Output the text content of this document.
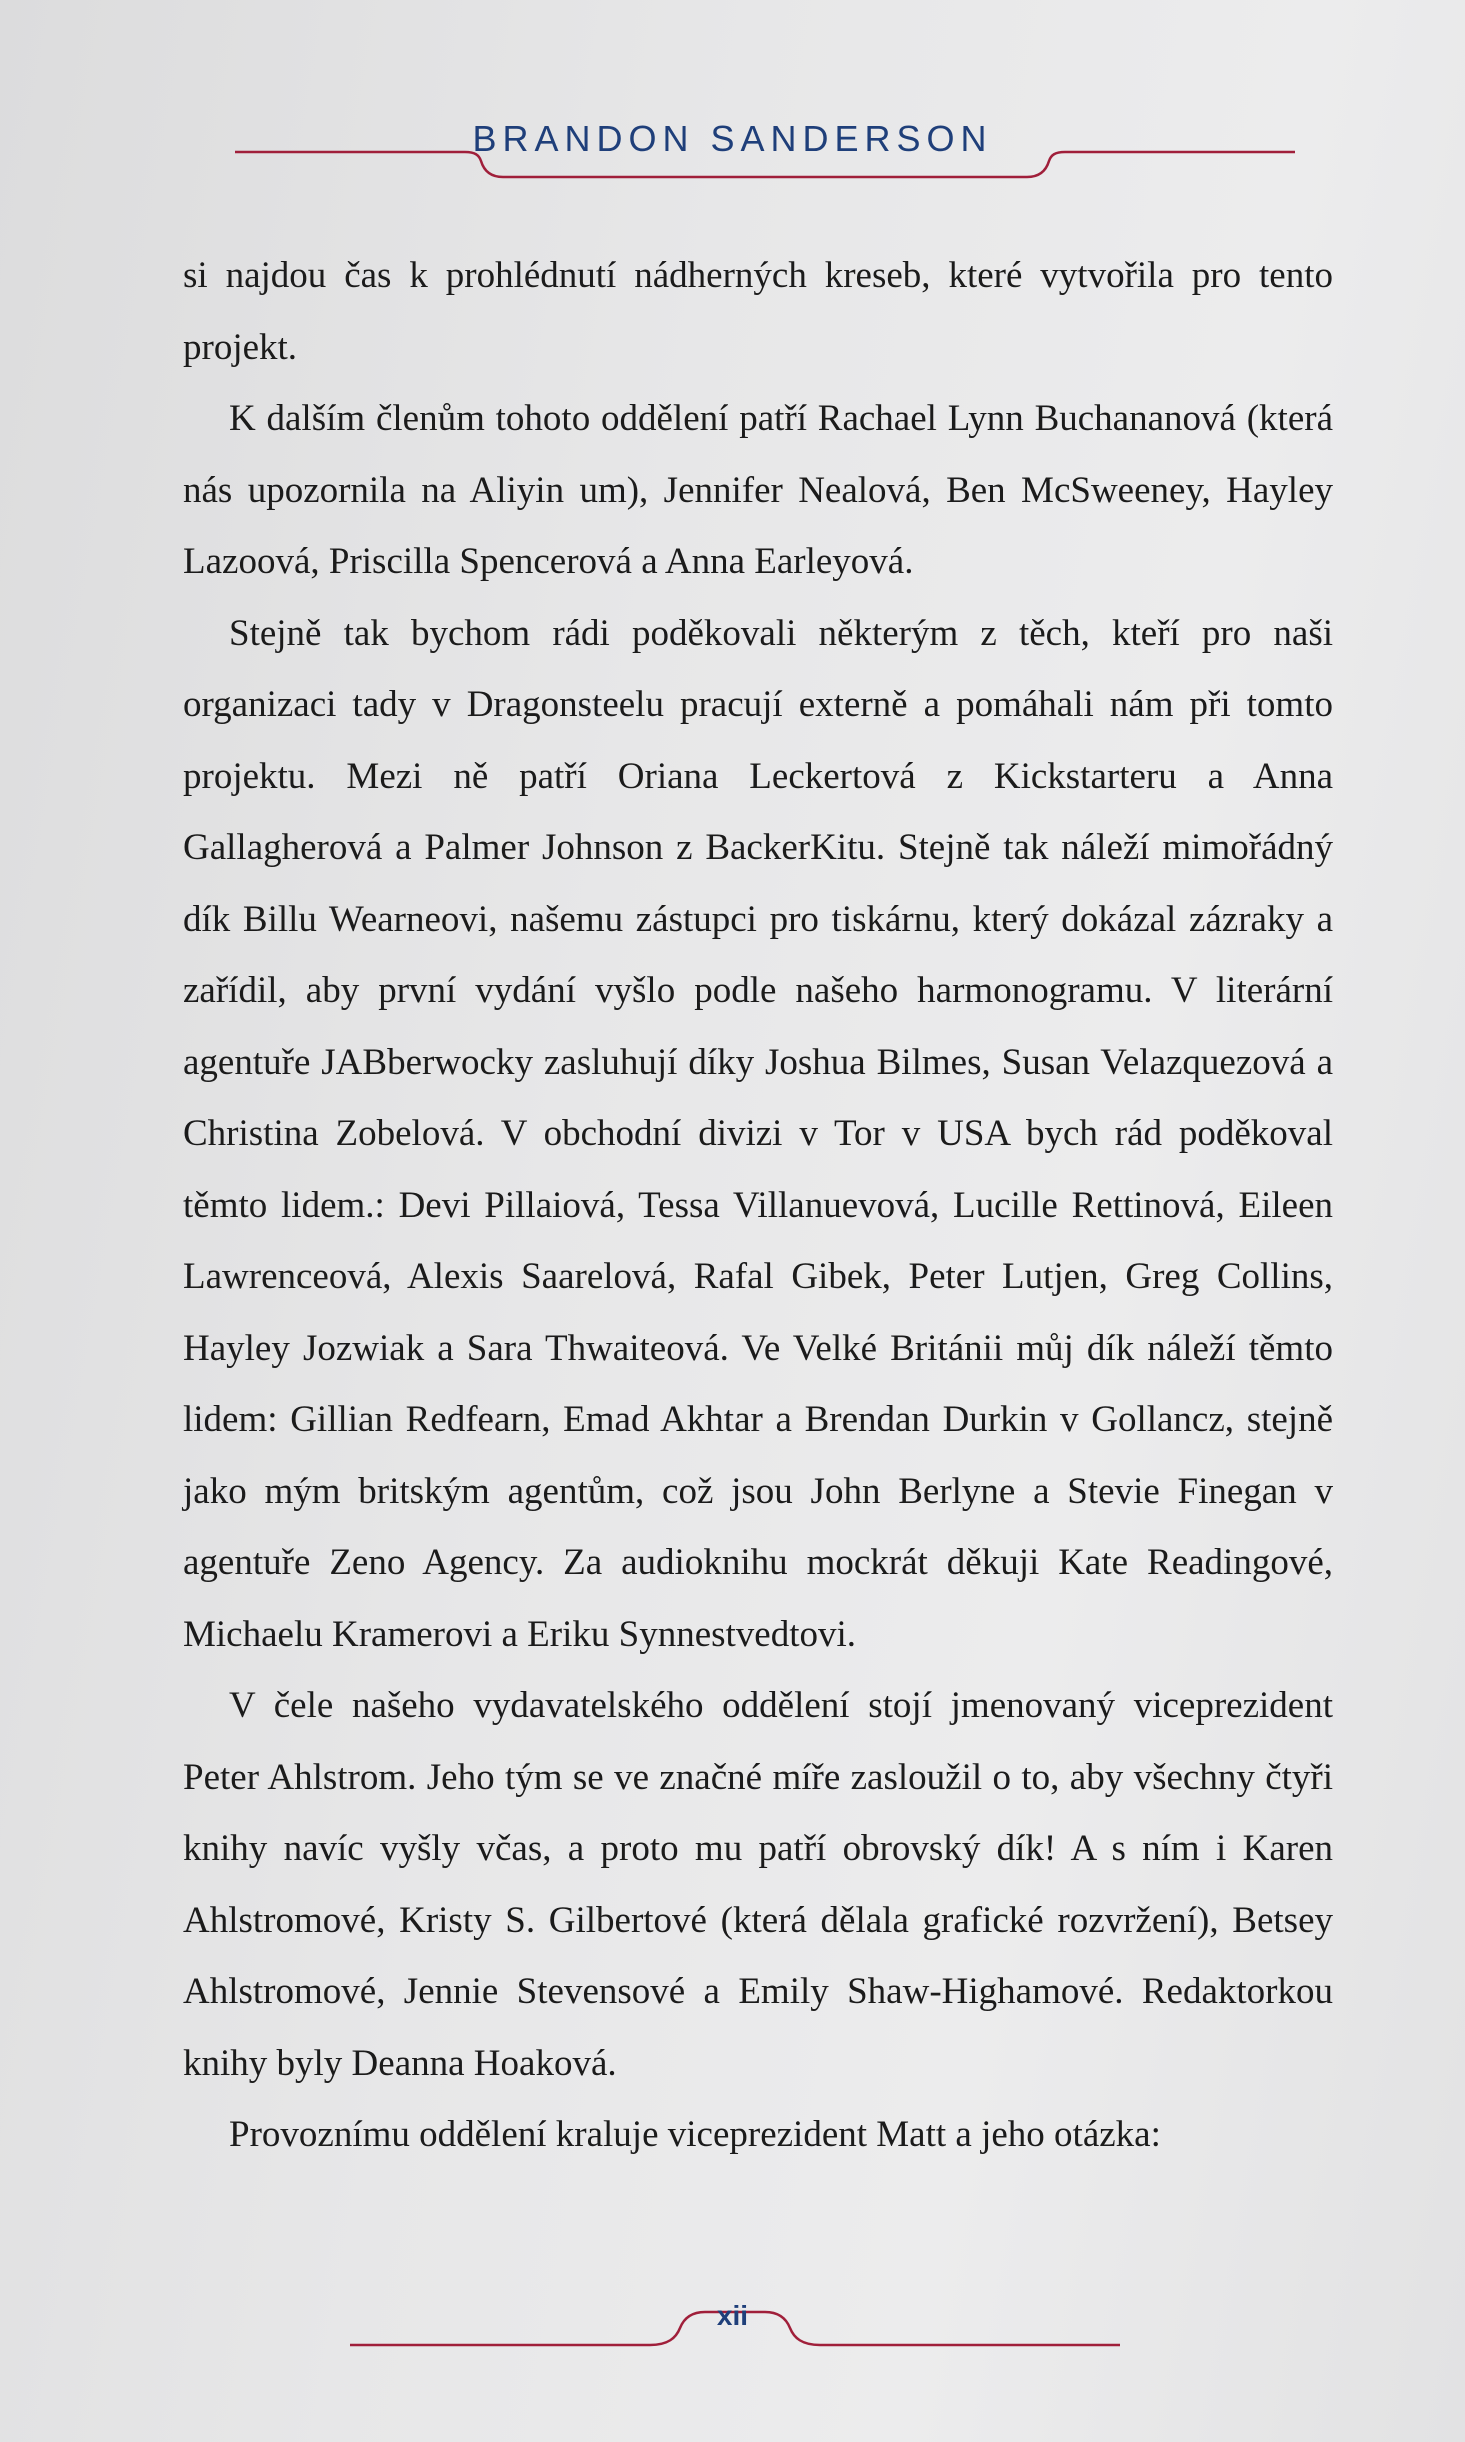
BRANDON SANDERSON

si najdou čas k prohlédnutí nádherných kreseb, které vytvořila pro tento projekt.

K dalším členům tohoto oddělení patří Rachael Lynn Buchananová (která nás upozornila na Aliyin um), Jennifer Nealová, Ben McSweeney, Hayley Lazoová, Priscilla Spencerová a Anna Earleyová.

Stejně tak bychom rádi poděkovali některým z těch, kteří pro naši organizaci tady v Dragonsteelu pracují externě a pomáhali nám při tomto projektu. Mezi ně patří Oriana Leckertová z Kickstarteru a Anna Gallagherová a Palmer Johnson z BackerKitu. Stejně tak náleží mimořádný dík Billu Wearneovi, našemu zástupci pro tiskárnu, který dokázal zázraky a zařídil, aby první vydání vyšlo podle našeho harmonogramu. V literární agentuře JABberwocky zasluhují díky Joshua Bilmes, Susan Velazquezová a Christina Zobelová. V obchodní divizi v Tor v USA bych rád poděkoval těmto lidem.: Devi Pillaiová, Tessa Villanuevová, Lucille Rettinová, Eileen Lawrenceová, Alexis Saarelová, Rafal Gibek, Peter Lutjen, Greg Collins, Hayley Jozwiak a Sara Thwaiteová. Ve Velké Británii můj dík náleží těmto lidem: Gillian Redfearn, Emad Akhtar a Brendan Durkin v Gollancz, stejně jako mým britským agentům, což jsou John Berlyne a Stevie Finegan v agentuře Zeno Agency. Za audioknihu mockrát děkuji Kate Readingové, Michaelu Kramerovi a Eriku Synnestvedtovi.

V čele našeho vydavatelského oddělení stojí jmenovaný viceprezident Peter Ahlstrom. Jeho tým se ve značné míře zasloužil o to, aby všechny čtyři knihy navíc vyšly včas, a proto mu patří obrovský dík! A s ním i Karen Ahlstromové, Kristy S. Gilbertové (která dělala grafické rozvržení), Betsey Ahlstromové, Jennie Stevensové a Emily Shaw-Highamové. Redaktorkou knihy byly Deanna Hoaková.

Provoznímu oddělení kraluje viceprezident Matt a jeho otázka:

xii
